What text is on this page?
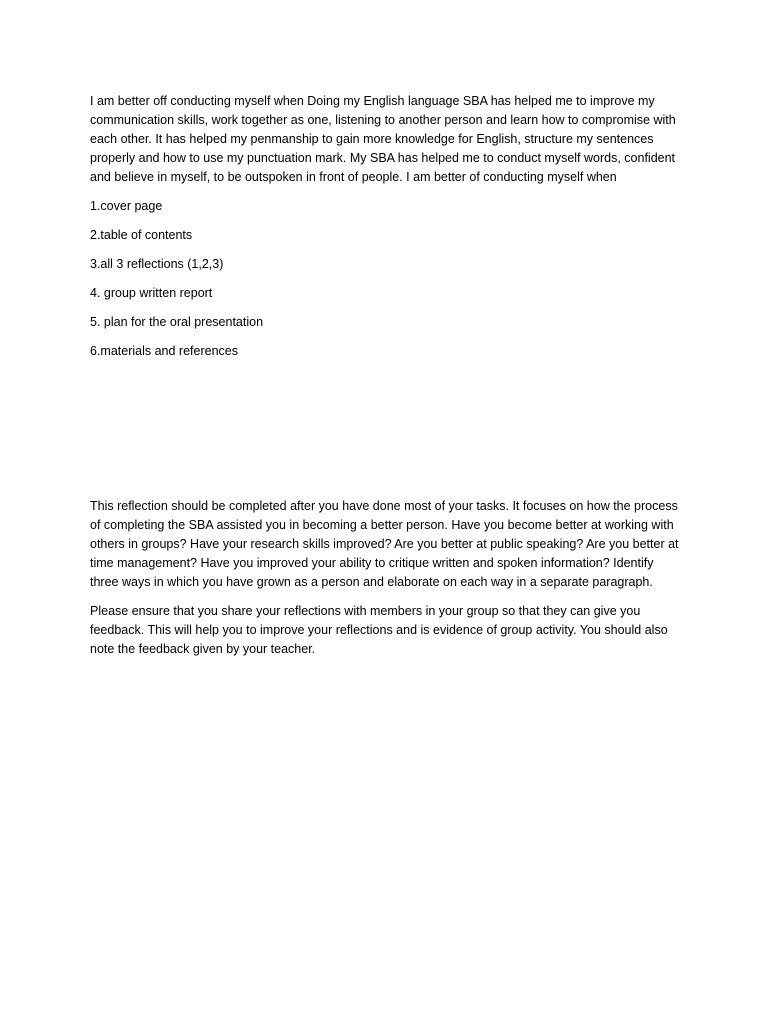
I am better off conducting myself when Doing my English language SBA has helped me to improve my communication skills, work together as one, listening to another person and learn how to compromise with each other. It has helped my penmanship to gain more knowledge for English, structure my sentences properly and how to use my punctuation mark. My SBA has helped me to conduct myself words, confident and believe in myself, to be outspoken in front of people. I am better of conducting myself when

1.cover page
2.table of contents
3.all 3 reflections (1,2,3)
4. group written report
5. plan for the oral presentation
6.materials and references

This reflection should be completed after you have done most of your tasks. It focuses on how the process of completing the SBA assisted you in becoming a better person. Have you become better at working with others in groups? Have your research skills improved? Are you better at public speaking? Are you better at time management? Have you improved your ability to critique written and spoken information? Identify three ways in which you have grown as a person and elaborate on each way in a separate paragraph.

Please ensure that you share your reflections with members in your group so that they can give you feedback. This will help you to improve your reflections and is evidence of group activity. You should also note the feedback given by your teacher.
